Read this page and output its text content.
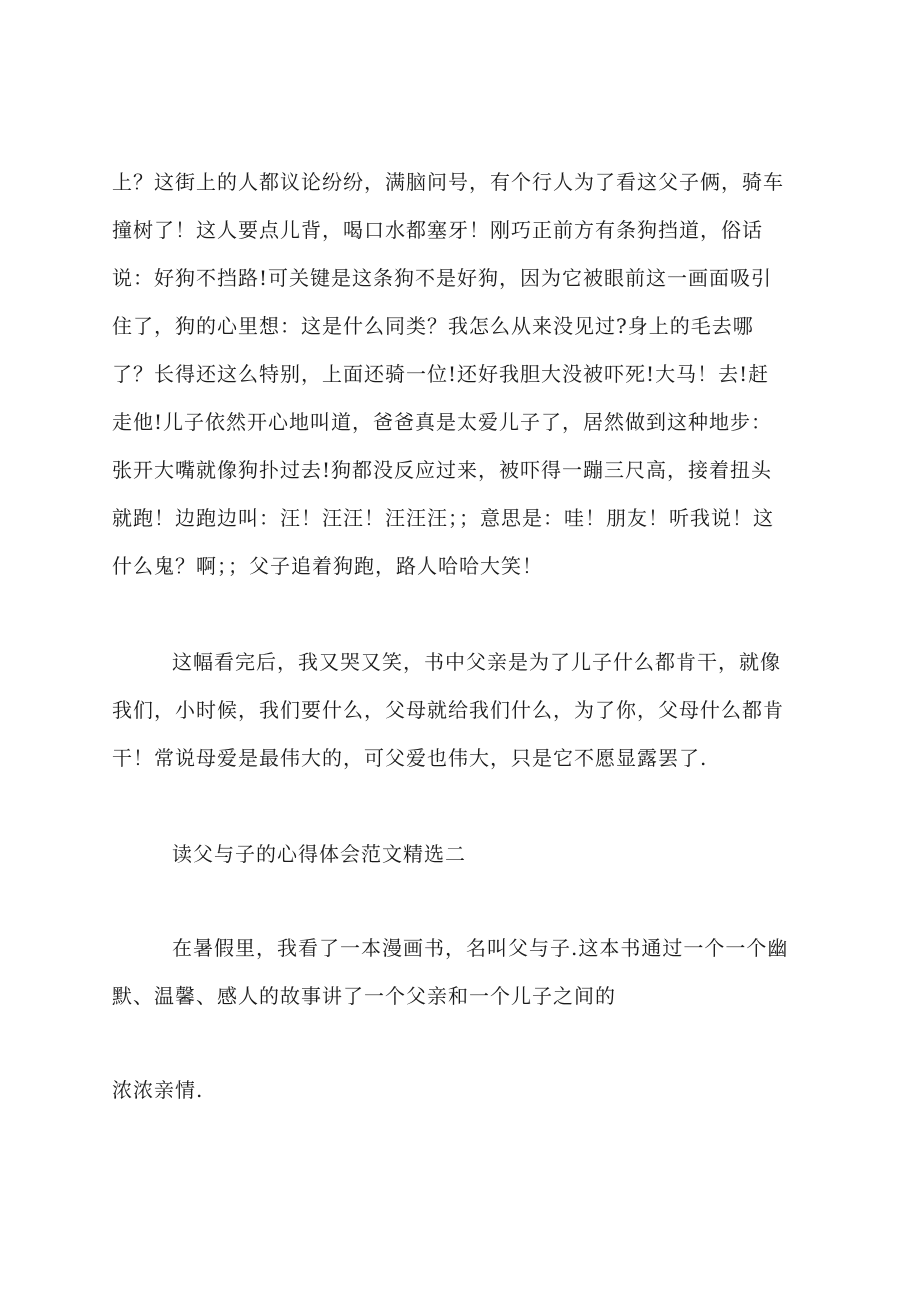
上？这街上的人都议论纷纷，满脑问号，有个行人为了看这父子俩，骑车
撞树了！这人要点儿背，喝口水都塞牙！刚巧正前方有条狗挡道，俗话
说：好狗不挡路!可关键是这条狗不是好狗，因为它被眼前这一画面吸引
住了，狗的心里想：这是什么同类？我怎么从来没见过?身上的毛去哪
了？长得还这么特别，上面还骑一位!还好我胆大没被吓死!大马！去!赶
走他!儿子依然开心地叫道，爸爸真是太爱儿子了，居然做到这种地步：
张开大嘴就像狗扑过去!狗都没反应过来，被吓得一蹦三尺高，接着扭头
就跑！边跑边叫：汪！汪汪！汪汪汪；；意思是：哇！朋友！听我说！这
什么鬼？啊；；父子追着狗跑，路人哈哈大笑！
这幅看完后，我又哭又笑，书中父亲是为了儿子什么都肯干，就像
我们，小时候，我们要什么，父母就给我们什么，为了你，父母什么都肯
干！常说母爱是最伟大的，可父爱也伟大，只是它不愿显露罢了.
读父与子的心得体会范文精选二
在暑假里，我看了一本漫画书，名叫父与子.这本书通过一个一个幽
默、温馨、感人的故事讲了一个父亲和一个儿子之间的
浓浓亲情.
